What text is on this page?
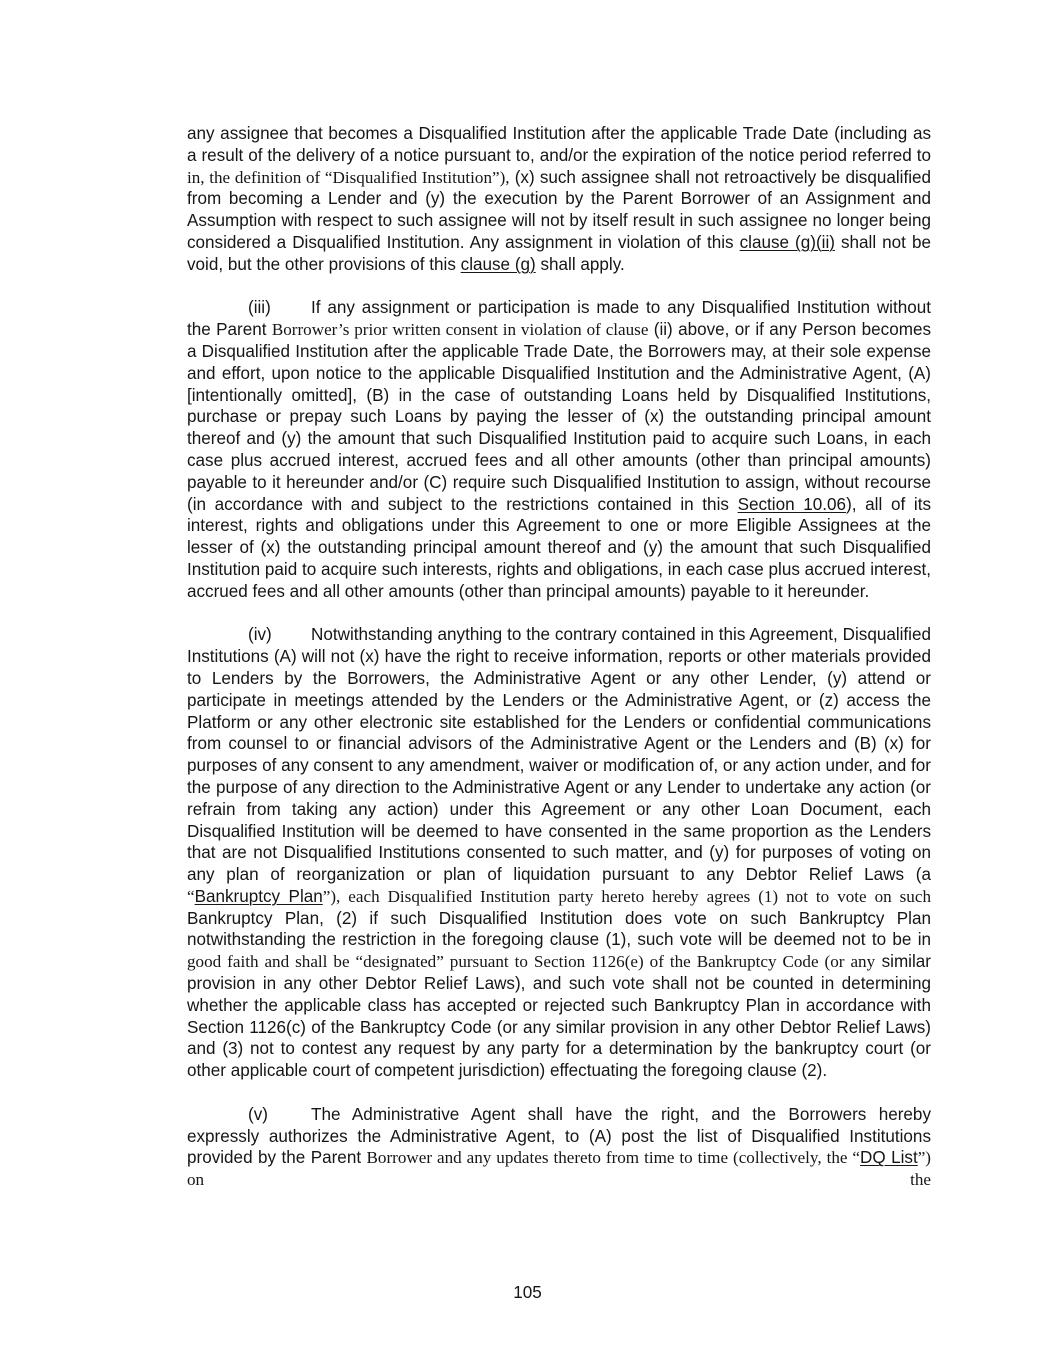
any assignee that becomes a Disqualified Institution after the applicable Trade Date (including as a result of the delivery of a notice pursuant to, and/or the expiration of the notice period referred to in, the definition of “Disqualified Institution”), (x) such assignee shall not retroactively be disqualified from becoming a Lender and (y) the execution by the Parent Borrower of an Assignment and Assumption with respect to such assignee will not by itself result in such assignee no longer being considered a Disqualified Institution. Any assignment in violation of this clause (g)(ii) shall not be void, but the other provisions of this clause (g) shall apply.

(iii) If any assignment or participation is made to any Disqualified Institution without the Parent Borrower’s prior written consent in violation of clause (ii) above, or if any Person becomes a Disqualified Institution after the applicable Trade Date, the Borrowers may, at their sole expense and effort, upon notice to the applicable Disqualified Institution and the Administrative Agent, (A) [intentionally omitted], (B) in the case of outstanding Loans held by Disqualified Institutions, purchase or prepay such Loans by paying the lesser of (x) the outstanding principal amount thereof and (y) the amount that such Disqualified Institution paid to acquire such Loans, in each case plus accrued interest, accrued fees and all other amounts (other than principal amounts) payable to it hereunder and/or (C) require such Disqualified Institution to assign, without recourse (in accordance with and subject to the restrictions contained in this Section 10.06), all of its interest, rights and obligations under this Agreement to one or more Eligible Assignees at the lesser of (x) the outstanding principal amount thereof and (y) the amount that such Disqualified Institution paid to acquire such interests, rights and obligations, in each case plus accrued interest, accrued fees and all other amounts (other than principal amounts) payable to it hereunder.

(iv) Notwithstanding anything to the contrary contained in this Agreement, Disqualified Institutions (A) will not (x) have the right to receive information, reports or other materials provided to Lenders by the Borrowers, the Administrative Agent or any other Lender, (y) attend or participate in meetings attended by the Lenders or the Administrative Agent, or (z) access the Platform or any other electronic site established for the Lenders or confidential communications from counsel to or financial advisors of the Administrative Agent or the Lenders and (B) (x) for purposes of any consent to any amendment, waiver or modification of, or any action under, and for the purpose of any direction to the Administrative Agent or any Lender to undertake any action (or refrain from taking any action) under this Agreement or any other Loan Document, each Disqualified Institution will be deemed to have consented in the same proportion as the Lenders that are not Disqualified Institutions consented to such matter, and (y) for purposes of voting on any plan of reorganization or plan of liquidation pursuant to any Debtor Relief Laws (a “Bankruptcy Plan”), each Disqualified Institution party hereto hereby agrees (1) not to vote on such Bankruptcy Plan, (2) if such Disqualified Institution does vote on such Bankruptcy Plan notwithstanding the restriction in the foregoing clause (1), such vote will be deemed not to be in good faith and shall be “designated” pursuant to Section 1126(e) of the Bankruptcy Code (or any similar provision in any other Debtor Relief Laws), and such vote shall not be counted in determining whether the applicable class has accepted or rejected such Bankruptcy Plan in accordance with Section 1126(c) of the Bankruptcy Code (or any similar provision in any other Debtor Relief Laws) and (3) not to contest any request by any party for a determination by the bankruptcy court (or other applicable court of competent jurisdiction) effectuating the foregoing clause (2).

(v)	The Administrative Agent shall have the right, and the Borrowers hereby expressly authorizes the Administrative Agent, to (A) post the list of Disqualified Institutions provided by the Parent Borrower and any updates thereto from time to time (collectively, the “DQ List”) on the

105
